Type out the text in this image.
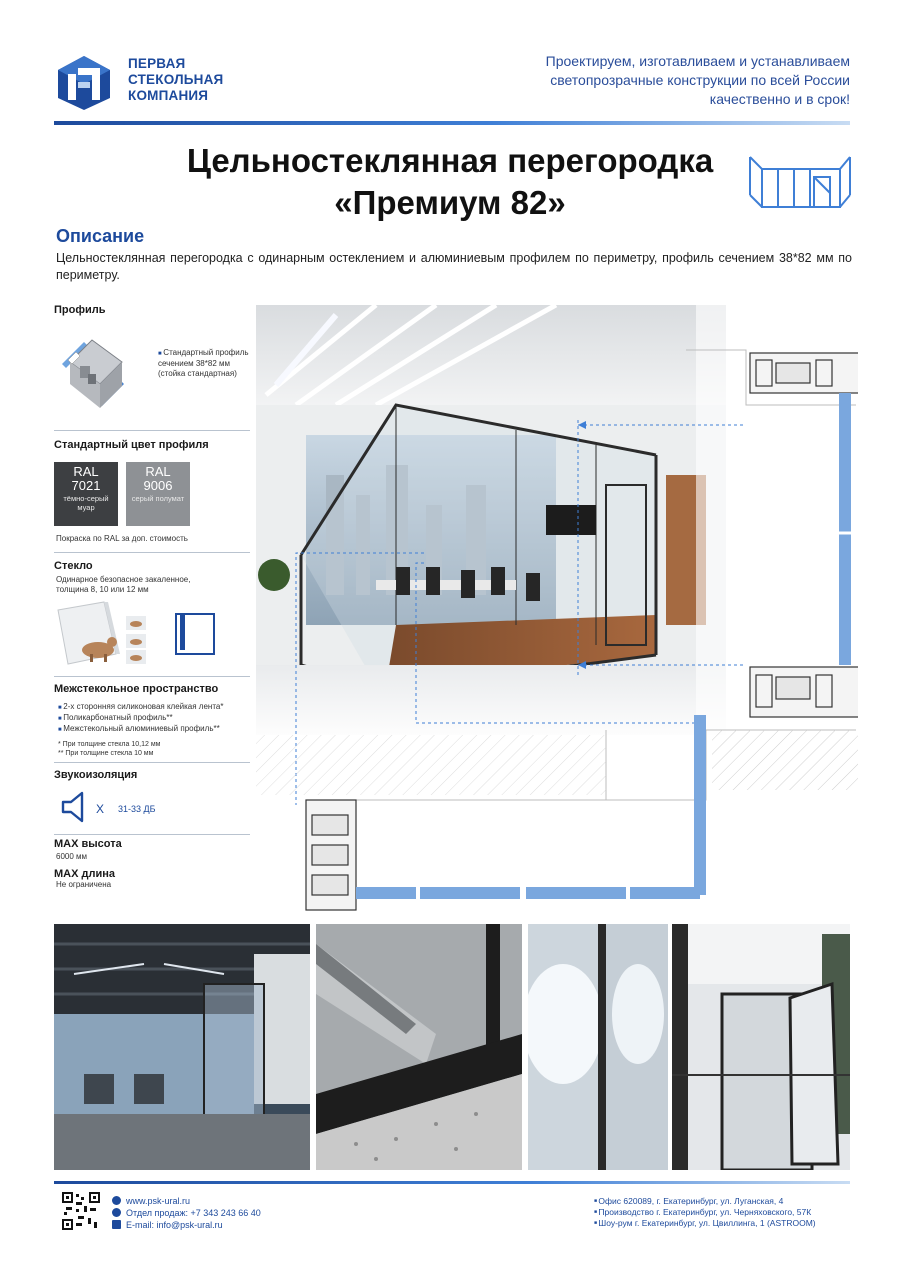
ПЕРВАЯ
СТЕКОЛЬНАЯ
КОМПАНИЯ
Проектируем, изготавливаем и устанавливаем
светопрозрачные конструкции по всей России
качественно и в срок!
Цельностеклянная перегородка
«Премиум 82»
Описание
Цельностеклянная перегородка с одинарным остеклением и алюминиевым профилем по периметру, профиль сечением 38*82 мм по периметру.
Профиль
■ Стандартный профиль сечением 38*82 мм (стойка стандартная)
Стандартный цвет профиля
RAL
7021
тёмно-серый муар
RAL
9006
серый полумат
Покраска по RAL за доп. стоимость
Стекло
Одинарное безопасное закаленное, толщина 8, 10 или 12 мм
Межстекольное пространство
■ 2-х сторонняя силиконовая клейкая лента*
■ Поликарбонатный профиль**
■ Межстекольный алюминиевый профиль**
* При толщине стекла 10,12 мм
** При толщине стекла 10 мм
Звукоизоляция
X 31-33 ДБ
MAX высота
6000 мм
MAX длина
Не ограничена
www.psk-ural.ru
Отдел продаж: +7 343 243 66 40
E-mail: info@psk-ural.ru
■ Офис 620089, г. Екатеринбург, ул. Луганская, 4
■ Производство г. Екатеринбург, ул. Черняховского, 57К
■ Шоу-рум г. Екатеринбург, ул. Цвиллинга, 1 (ASTROOM)
